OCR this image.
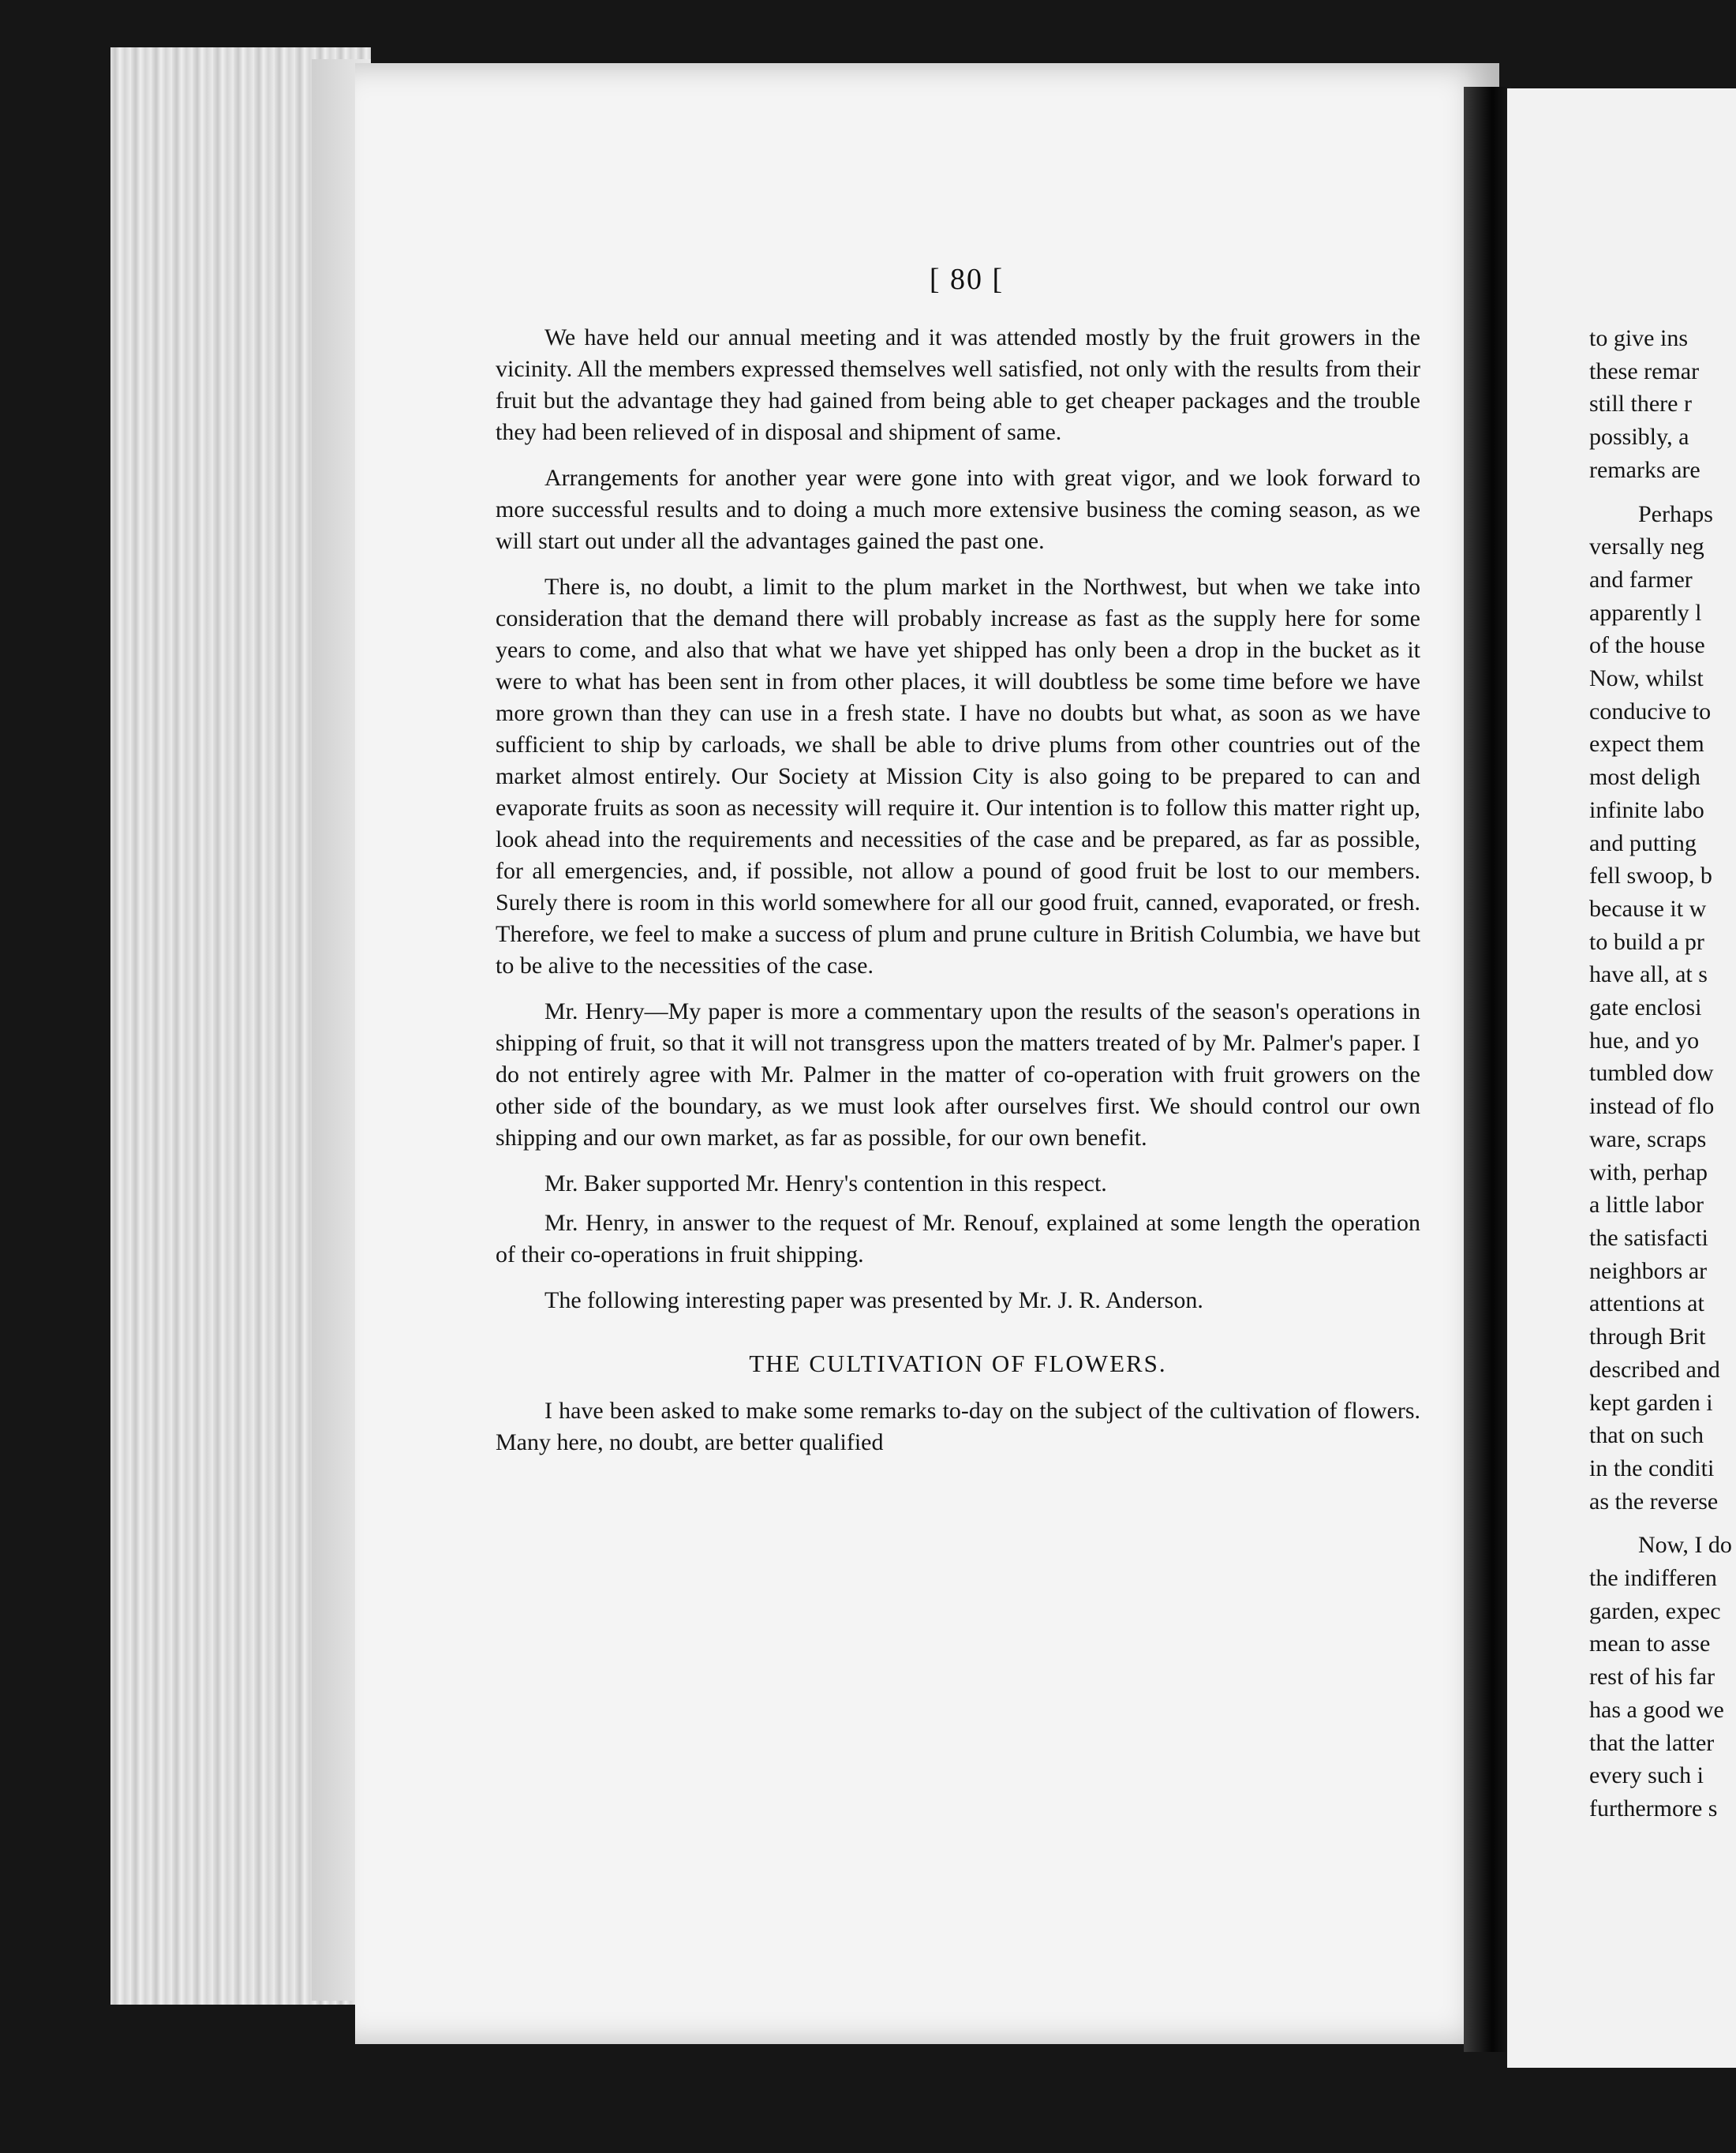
[ 80 [

We have held our annual meeting and it was attended mostly by the fruit growers in the vicinity. All the members expressed themselves well satisfied, not only with the results from their fruit but the advantage they had gained from being able to get cheaper packages and the trouble they had been relieved of in disposal and shipment of same.

Arrangements for another year were gone into with great vigor, and we look forward to more successful results and to doing a much more extensive business the coming season, as we will start out under all the advantages gained the past one.

There is, no doubt, a limit to the plum market in the Northwest, but when we take into consideration that the demand there will probably increase as fast as the supply here for some years to come, and also that what we have yet shipped has only been a drop in the bucket as it were to what has been sent in from other places, it will doubtless be some time before we have more grown than they can use in a fresh state. I have no doubts but what, as soon as we have sufficient to ship by carloads, we shall be able to drive plums from other countries out of the market almost entirely. Our Society at Mission City is also going to be prepared to can and evaporate fruits as soon as necessity will require it. Our intention is to follow this matter right up, look ahead into the requirements and necessities of the case and be prepared, as far as possible, for all emergencies, and, if possible, not allow a pound of good fruit be lost to our members. Surely there is room in this world somewhere for all our good fruit, canned, evaporated, or fresh. Therefore, we feel to make a success of plum and prune culture in British Columbia, we have but to be alive to the necessities of the case.

Mr. Henry—My paper is more a commentary upon the results of the season's operations in shipping of fruit, so that it will not transgress upon the matters treated of by Mr. Palmer's paper. I do not entirely agree with Mr. Palmer in the matter of co-operation with fruit growers on the other side of the boundary, as we must look after ourselves first. We should control our own shipping and our own market, as far as possible, for our own benefit.

Mr. Baker supported Mr. Henry's contention in this respect.

Mr. Henry, in answer to the request of Mr. Renouf, explained at some length the operation of their co-operations in fruit shipping.

The following interesting paper was presented by Mr. J. R. Anderson.

THE CULTIVATION OF FLOWERS.

I have been asked to make some remarks to-day on the subject of the cultivation of flowers. Many here, no doubt, are better qualified

to give ins
these remar
still there r
possibly, a
remarks are
Perhaps
versally neg
and farmer
apparently l
of the house
Now, whilst
conducive to
expect them
most deligh
infinite labo
and putting
fell swoop, b
because it w
to build a pr
have all, at s
gate enclosi
hue, and yo
tumbled dow
instead of flo
ware, scraps
with, perhap
a little labor
the satisfacti
neighbors ar
attentions at
through Brit
described and
kept garden i
that on such
in the conditi
as the reverse
Now, I do
the indifferen
garden, expec
mean to asse
rest of his far
has a good we
that the latter
every such i
furthermore s
